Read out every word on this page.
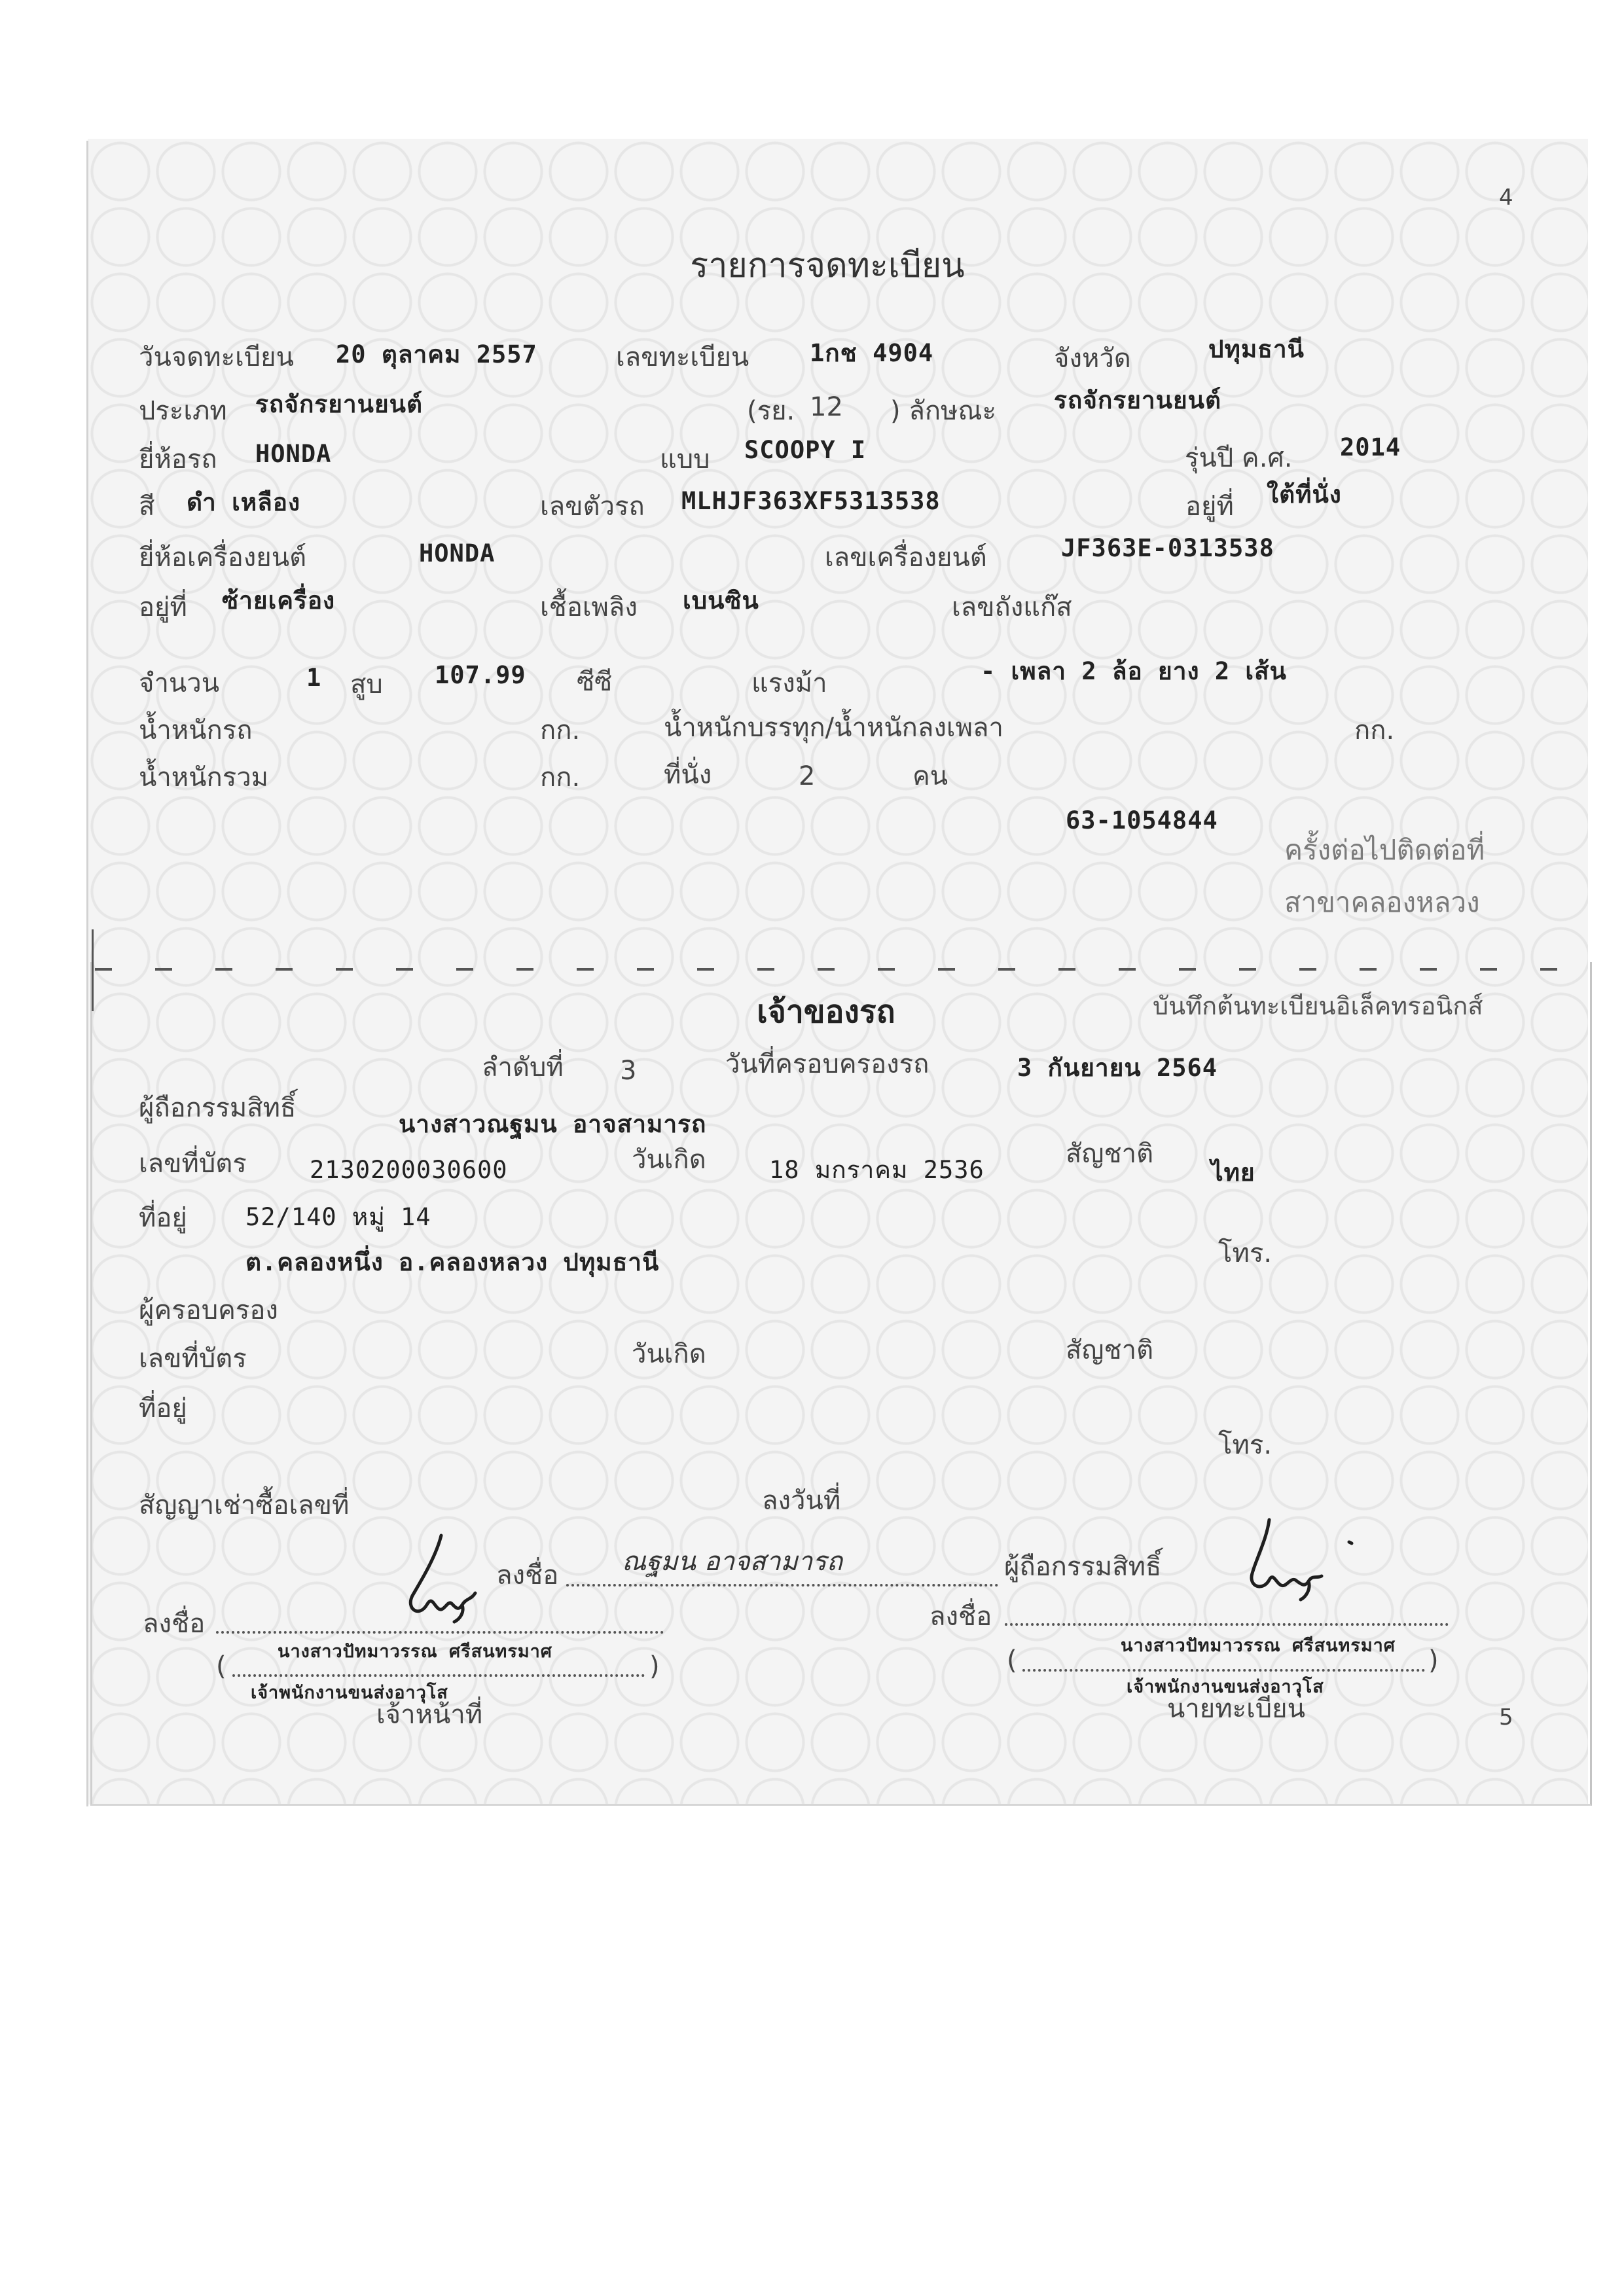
4
รายการจดทะเบียน
วันจดทะเบียน 20 ตุลาคม 2557	เลขทะเบียน	1กช 4904	จังหวัด	ปทุมธานี
ประเภท รถจักรยานยนต์	(รย. 12 ) ลักษณะ รถจักรยานยนต์
ยี่ห้อรถ HONDA	แบบ SCOOPY I	รุ่นปี ค.ศ. 2014
สี ดำ เหลือง	เลขตัวรถ MLHJF363XF5313538	อยู่ที่ ใต้ที่นั่ง
ยี่ห้อเครื่องยนต์	HONDA	เลขเครื่องยนต์	JF363E-0313538
อยู่ที่ ซ้ายเครื่อง	เชื้อเพลิง เบนซิน	เลขถังแก๊ส
จำนวน	1 สูบ 107.99 ซีซี	แรงม้า	- เพลา 2 ล้อ ยาง 2 เส้น
น้ำหนักรถ	กก.	น้ำหนักบรรทุก/น้ำหนักลงเพลา	กก.
น้ำหนักรวม	กก.	ที่นั่ง	2	คน
63-1054844
ครั้งต่อไปติดต่อที่
สาขาคลองหลวง
บันทึกต้นทะเบียนอิเล็คทรอนิกส์
เจ้าของรถ
ลำดับที่ 3	วันที่ครอบครองรถ	3 กันยายน 2564
ผู้ถือกรรมสิทธิ์
นางสาวณฐมน อาจสามารถ
เลขที่บัตร	2130200030600	วันเกิด	18 มกราคม 2536
สัญชาติ
ไทย
ที่อยู่ 52/140 หมู่ 14
ต.คลองหนึ่ง อ.คลองหลวง ปทุมธานี	โทร.
ผู้ครอบครอง
เลขที่บัตร	วันเกิด	สัญชาติ
ที่อยู่
โทร.
สัญญาเช่าซื้อเลขที่	ลงวันที่
ลงชื่อ ณฐมน อาจสามารถ	ผู้ถือกรรมสิทธิ์
ลงชื่อ
นางสาวปัทมาวรรณ ศรีสนทรมาศ
(	)
เจ้าพนักงานขนส่งอาวุโส
เจ้าหน้าที่
ลงชื่อ
นางสาวปัทมาวรรณ ศรีสนทรมาศ
(	)
เจ้าพนักงานขนส่งอาวุโส
นายทะเบียน	5
